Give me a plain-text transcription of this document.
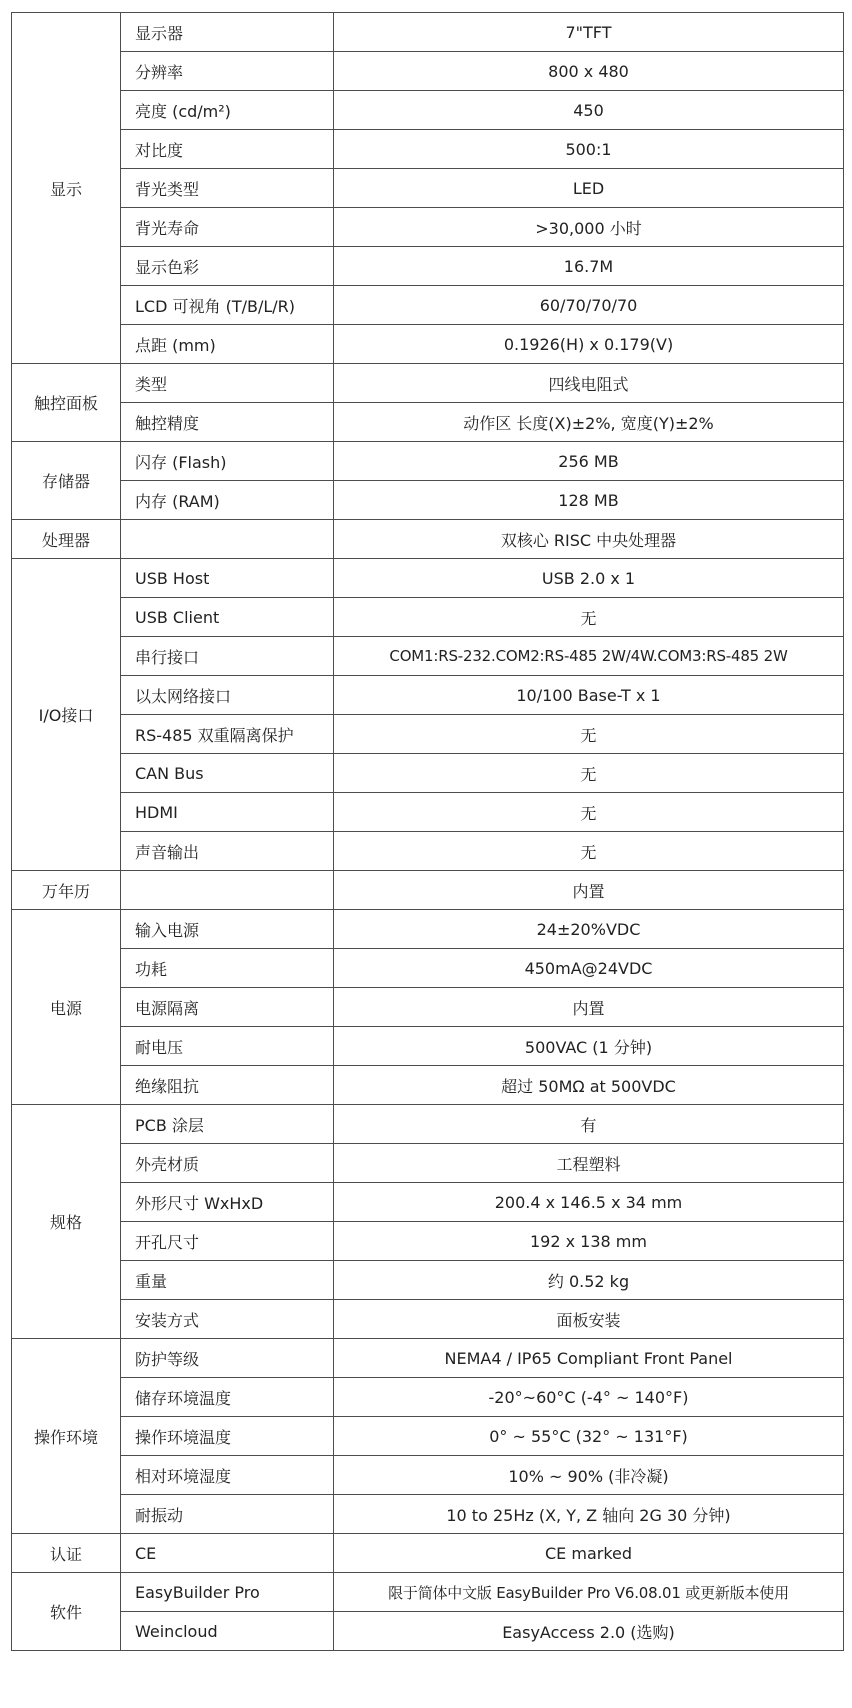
显示	显示器	7"TFT
	分辨率	800 x 480
	亮度 (cd/m²)	450
	对比度	500:1
	背光类型	LED
	背光寿命	>30,000 小时
	显示色彩	16.7M
	LCD 可视角 (T/B/L/R)	60/70/70/70
	点距 (mm)	0.1926(H) x 0.179(V)
触控面板	类型	四线电阻式
	触控精度	动作区 长度(X)±2%, 宽度(Y)±2%
存储器	闪存 (Flash)	256 MB
	内存 (RAM)	128 MB
处理器		双核心 RISC 中央处理器
I/O接口	USB Host	USB 2.0 x 1
	USB Client	无
	串行接口	COM1:RS-232.COM2:RS-485 2W/4W.COM3:RS-485 2W
	以太网络接口	10/100 Base-T x 1
	RS-485 双重隔离保护	无
	CAN Bus	无
	HDMI	无
	声音输出	无
万年历		内置
电源	输入电源	24±20%VDC
	功耗	450mA@24VDC
	电源隔离	内置
	耐电压	500VAC (1 分钟)
	绝缘阻抗	超过 50MΩ at 500VDC
规格	PCB 涂层	有
	外壳材质	工程塑料
	外形尺寸 WxHxD	200.4 x 146.5 x 34 mm
	开孔尺寸	192 x 138 mm
	重量	约 0.52 kg
	安装方式	面板安装
操作环境	防护等级	NEMA4 / IP65 Compliant Front Panel
	储存环境温度	-20°~60°C (-4° ~ 140°F)
	操作环境温度	0° ~ 55°C (32° ~ 131°F)
	相对环境湿度	10% ~ 90% (非冷凝)
	耐振动	10 to 25Hz (X, Y, Z 轴向 2G 30 分钟)
认证	CE	CE marked
软件	EasyBuilder Pro	限于简体中文版 EasyBuilder Pro V6.08.01 或更新版本使用
	Weincloud	EasyAccess 2.0 (选购)
